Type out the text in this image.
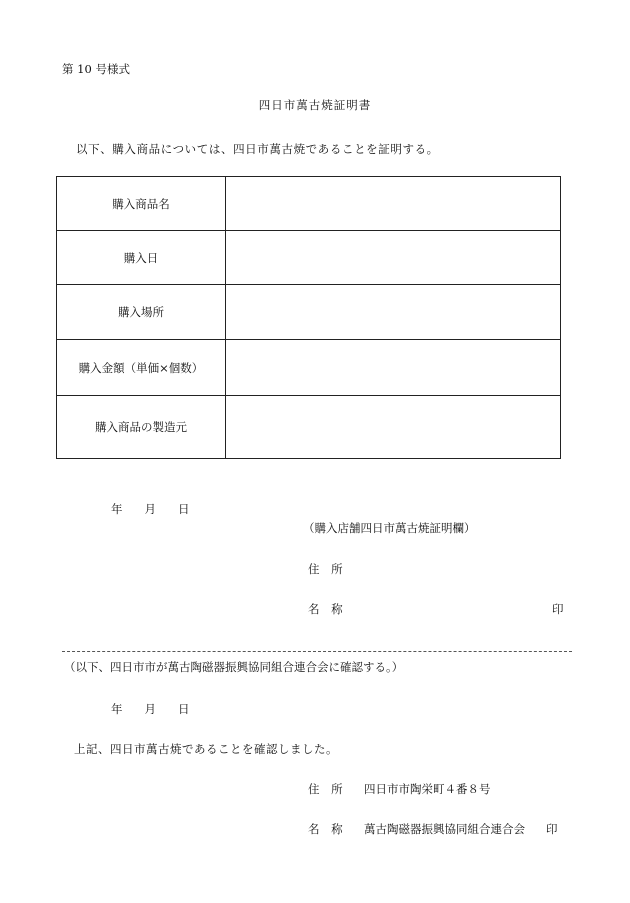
第 10 号様式
四日市萬古焼証明書
以下、購入商品については、四日市萬古焼であることを証明する。
購入商品名	
購入日	
購入場所	
購入金額（単価×個数）	
購入商品の製造元	
年 月 日
（購入店舗四日市萬古焼証明欄）
住 所
名 称	印
（以下、四日市市が萬古陶磁器振興協同組合連合会に確認する。）
年 月 日
上記、四日市萬古焼であることを確認しました。
住 所 四日市市陶栄町４番８号
名 称 萬古陶磁器振興協同組合連合会 印
